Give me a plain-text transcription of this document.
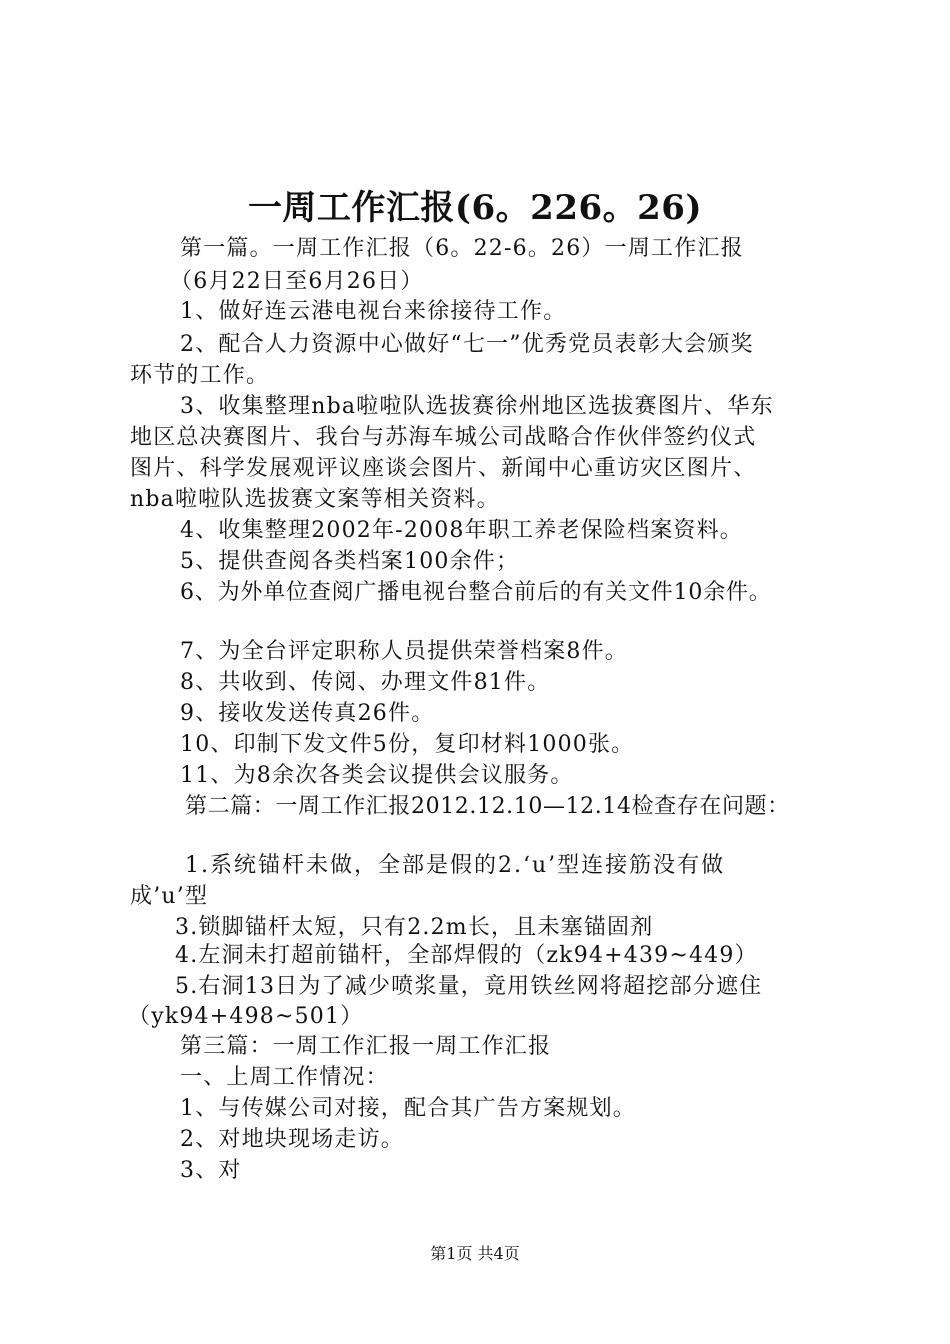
一周工作汇报(6。226。26)
第一篇。一周工作汇报（6。22-6。26）一周工作汇报
（6月22日至6月26日）
1、做好连云港电视台来徐接待工作。
2、配合人力资源中心做好“七一”优秀党员表彰大会颁奖
环节的工作。
3、收集整理nba啦啦队选拔赛徐州地区选拔赛图片、华东
地区总决赛图片、我台与苏海车城公司战略合作伙伴签约仪式
图片、科学发展观评议座谈会图片、新闻中心重访灾区图片、
nba啦啦队选拔赛文案等相关资料。
4、收集整理2002年-2008年职工养老保险档案资料。
5、提供查阅各类档案100余件；
6、为外单位查阅广播电视台整合前后的有关文件10余件。
7、为全台评定职称人员提供荣誉档案8件。
8、共收到、传阅、办理文件81件。
9、接收发送传真26件。
10、印制下发文件5份，复印材料1000张。
11、为8余次各类会议提供会议服务。
第二篇：一周工作汇报2012.12.10—12.14检查存在问题：
1.系统锚杆未做，全部是假的2.‘u’型连接筋没有做
成’u’型
3.锁脚锚杆太短，只有2.2m长，且未塞锚固剂
4.左洞未打超前锚杆，全部焊假的（zk94+439~449）
5.右洞13日为了减少喷浆量，竟用铁丝网将超挖部分遮住
（yk94+498~501）
第三篇：一周工作汇报一周工作汇报
一、上周工作情况：
1、与传媒公司对接，配合其广告方案规划。
2、对地块现场走访。
3、对
第1页 共4页
